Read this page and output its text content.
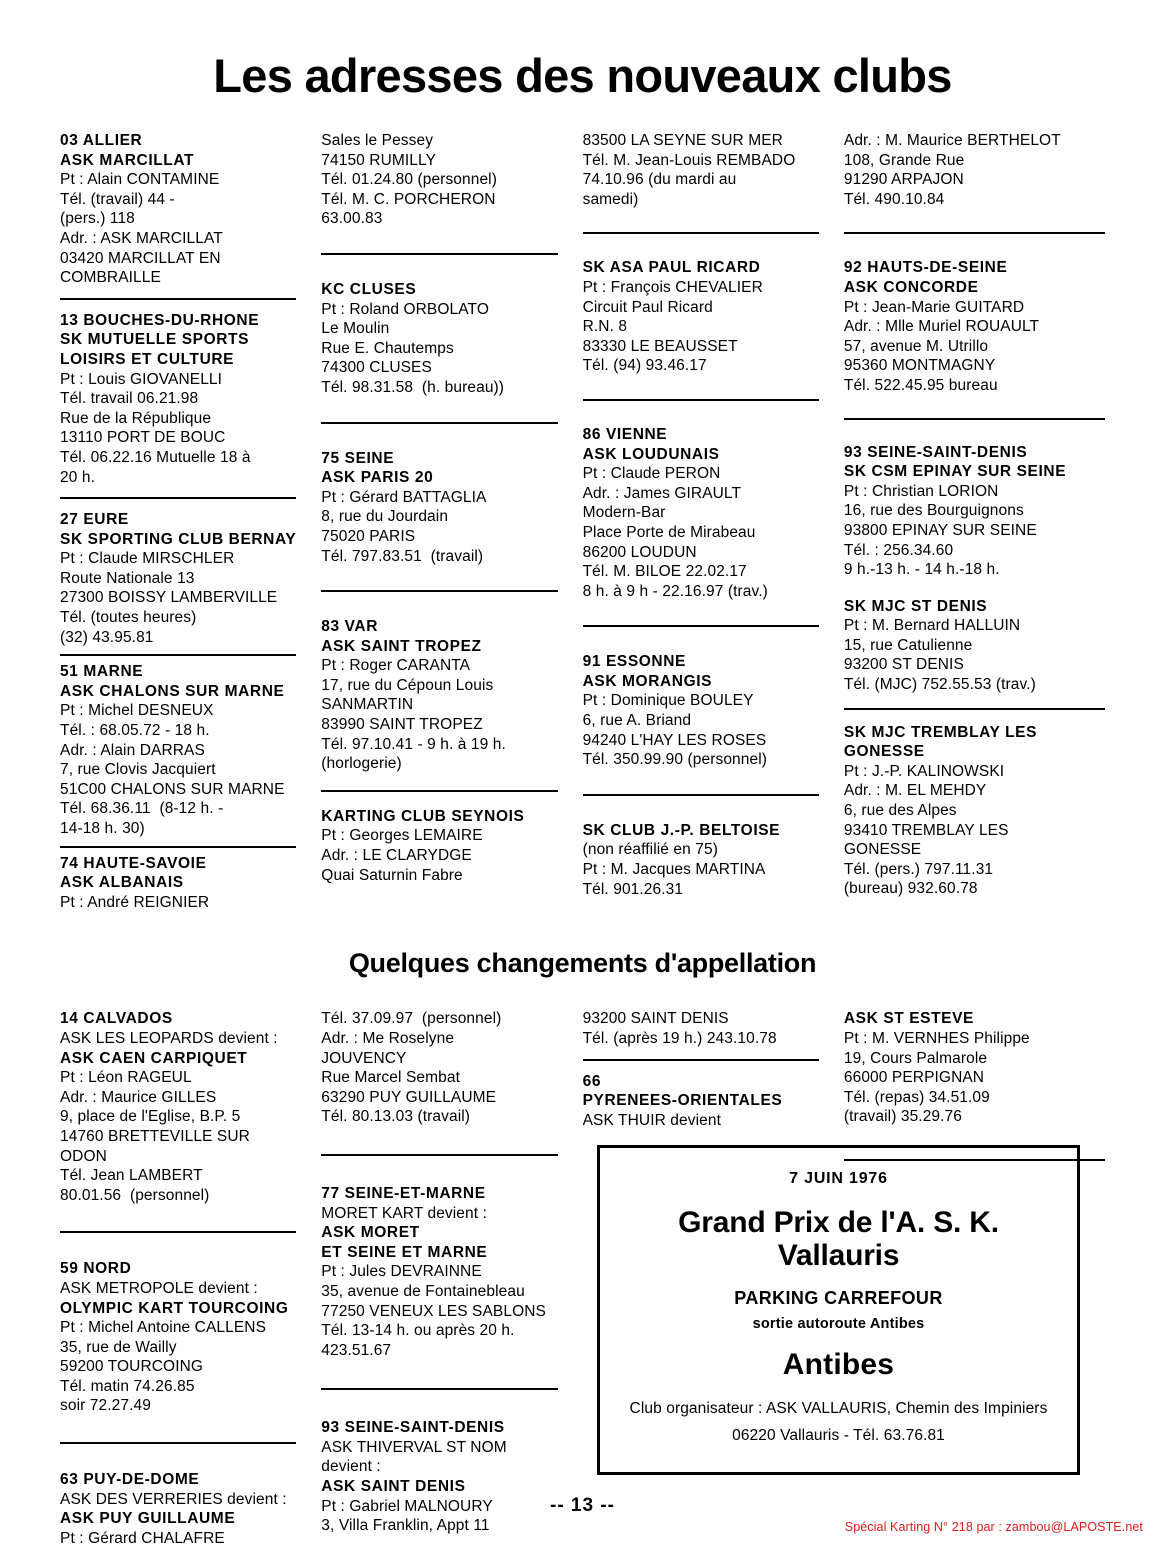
Les adresses des nouveaux clubs
03 ALLIER
ASK MARCILLAT
Pt : Alain CONTAMINE
Tél. (travail) 44 -
(pers.) 118
Adr. : ASK MARCILLAT
03420 MARCILLAT EN
COMBRAILLE
13 BOUCHES-DU-RHONE
SK MUTUELLE SPORTS
LOISIRS ET CULTURE
Pt : Louis GIOVANELLI
Tél. travail 06.21.98
Rue de la République
13110 PORT DE BOUC
Tél. 06.22.16 Mutuelle 18 à
20 h.
27 EURE
SK SPORTING CLUB BERNAY
Pt : Claude MIRSCHLER
Route Nationale 13
27300 BOISSY LAMBERVILLE
Tél. (toutes heures)
(32) 43.95.81
51 MARNE
ASK CHALONS SUR MARNE
Pt : Michel DESNEUX
Tél. : 68.05.72 - 18 h.
Adr. : Alain DARRAS
7, rue Clovis Jacquiert
51C00 CHALONS SUR MARNE
Tél. 68.36.11  (8-12 h. -
14-18 h. 30)
74 HAUTE-SAVOIE
ASK ALBANAIS
Pt : André REIGNIER
Sales le Pessey
74150 RUMILLY
Tél. 01.24.80 (personnel)
Tél. M. C. PORCHERON
63.00.83
KC CLUSES
Pt : Roland ORBOLATO
Le Moulin
Rue E. Chautemps
74300 CLUSES
Tél. 98.31.58  (h. bureau))
75 SEINE
ASK PARIS 20
Pt : Gérard BATTAGLIA
8, rue du Jourdain
75020 PARIS
Tél. 797.83.51  (travail)
83 VAR
ASK SAINT TROPEZ
Pt : Roger CARANTA
17, rue du Cépoun Louis
SANMARTIN
83990 SAINT TROPEZ
Tél. 97.10.41 - 9 h. à 19 h.
(horlogerie)
KARTING CLUB SEYNOIS
Pt : Georges LEMAIRE
Adr. : LE CLARYDGE
Quai Saturnin Fabre
83500 LA SEYNE SUR MER
Tél. M. Jean-Louis REMBADO
74.10.96 (du mardi au
samedi)
SK ASA PAUL RICARD
Pt : François CHEVALIER
Circuit Paul Ricard
R.N. 8
83330 LE BEAUSSET
Tél. (94) 93.46.17
86 VIENNE
ASK LOUDUNAIS
Pt : Claude PERON
Adr. : James GIRAULT
Modern-Bar
Place Porte de Mirabeau
86200 LOUDUN
Tél. M. BILOE 22.02.17
8 h. à 9 h - 22.16.97 (trav.)
91 ESSONNE
ASK MORANGIS
Pt : Dominique BOULEY
6, rue A. Briand
94240 L'HAY LES ROSES
Tél. 350.99.90 (personnel)
SK CLUB J.-P. BELTOISE
(non réaffilié en 75)
Pt : M. Jacques MARTINA
Tél. 901.26.31
Adr. : M. Maurice BERTHELOT
108, Grande Rue
91290 ARPAJON
Tél. 490.10.84
92 HAUTS-DE-SEINE
ASK CONCORDE
Pt : Jean-Marie GUITARD
Adr. : Mlle Muriel ROUAULT
57, avenue M. Utrillo
95360 MONTMAGNY
Tél. 522.45.95 bureau
93 SEINE-SAINT-DENIS
SK CSM EPINAY SUR SEINE
Pt : Christian LORION
16, rue des Bourguignons
93800 EPINAY SUR SEINE
Tél. : 256.34.60
9 h.-13 h. - 14 h.-18 h.
SK MJC ST DENIS
Pt : M. Bernard HALLUIN
15, rue Catulienne
93200 ST DENIS
Tél. (MJC) 752.55.53 (trav.)
SK MJC TREMBLAY LES
GONESSE
Pt : J.-P. KALINOWSKI
Adr. : M. EL MEHDY
6, rue des Alpes
93410 TREMBLAY LES
GONESSE
Tél. (pers.) 797.11.31
(bureau) 932.60.78
Quelques changements d'appellation
14 CALVADOS
ASK LES LEOPARDS devient :
ASK CAEN CARPIQUET
Pt : Léon RAGEUL
Adr. : Maurice GILLES
9, place de l'Eglise, B.P. 5
14760 BRETTEVILLE SUR
ODON
Tél. Jean LAMBERT
80.01.56  (personnel)
59 NORD
ASK METROPOLE devient :
OLYMPIC KART TOURCOING
Pt : Michel Antoine CALLENS
35, rue de Wailly
59200 TOURCOING
Tél. matin 74.26.85
soir 72.27.49
63 PUY-DE-DOME
ASK DES VERRERIES devient :
ASK PUY GUILLAUME
Pt : Gérard CHALAFRE
Tél. 37.09.97  (personnel)
Adr. : Me Roselyne
JOUVENCY
Rue Marcel Sembat
63290 PUY GUILLAUME
Tél. 80.13.03 (travail)
77 SEINE-ET-MARNE
MORET KART devient :
ASK MORET
ET SEINE ET MARNE
Pt : Jules DEVRAINNE
35, avenue de Fontainebleau
77250 VENEUX LES SABLONS
Tél. 13-14 h. ou après 20 h.
423.51.67
93 SEINE-SAINT-DENIS
ASK THIVERVAL ST NOM
devient :
ASK SAINT DENIS
Pt : Gabriel MALNOURY
3, Villa Franklin, Appt 11
93200 SAINT DENIS
Tél. (après 19 h.) 243.10.78
66
PYRENEES-ORIENTALES
ASK THUIR devient
ASK ST ESTEVE
Pt : M. VERNHES Philippe
19, Cours Palmarole
66000 PERPIGNAN
Tél. (repas) 34.51.09
(travail) 35.29.76
7 JUIN 1976
Grand Prix de l'A. S. K.
Vallauris
PARKING CARREFOUR
sortie autoroute Antibes
Antibes
Club organisateur : ASK VALLAURIS, Chemin des Impiniers
06220 Vallauris - Tél. 63.76.81
-- 13 --
Spécial Karting N° 218 par : zambou@LAPOSTE.net
